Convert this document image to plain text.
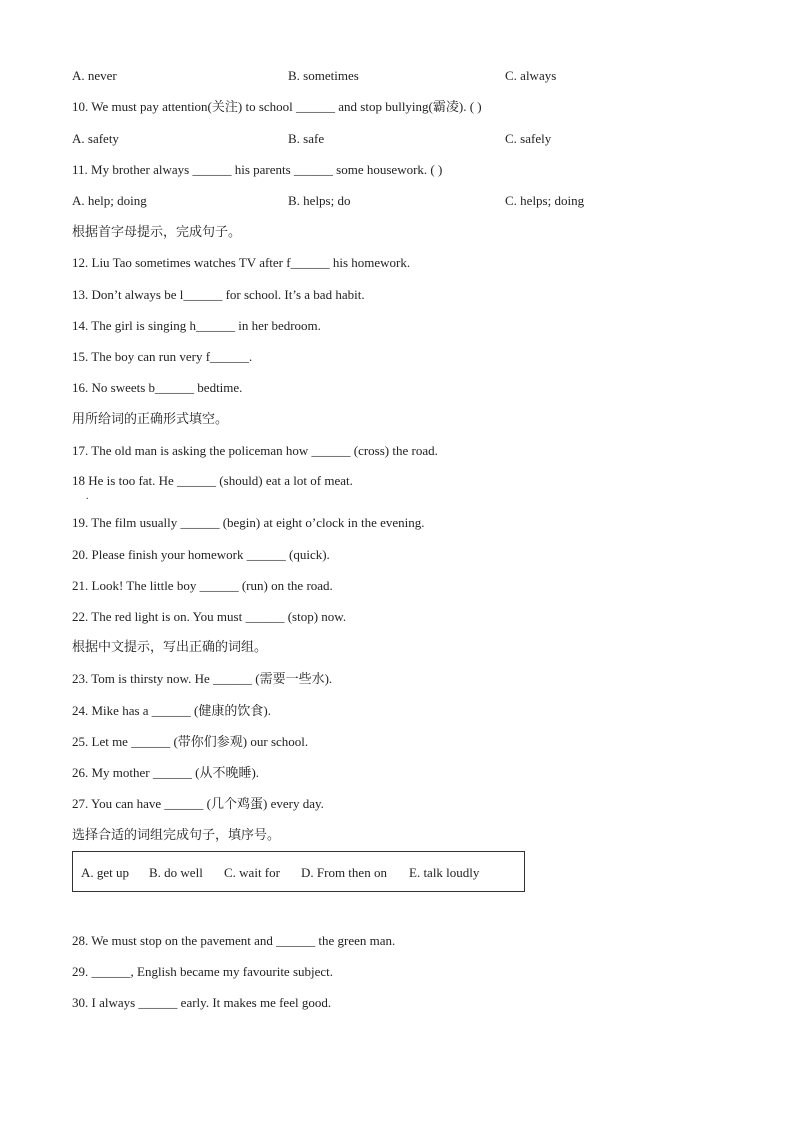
A. never	B. sometimes	C. always
10. We must pay attention(关注) to school ______ and stop bullying(霸凌). ( )
A. safety	B. safe	C. safely
11. My brother always ______ his parents ______ some housework. ( )
A. help; doing	B. helps; do	C. helps; doing
根据首字母提示，完成句子。
12. Liu Tao sometimes watches TV after f______ his homework.
13. Don’t always be l______ for school. It’s a bad habit.
14. The girl is singing h______ in her bedroom.
15. The boy can run very f______.
16. No sweets b______ bedtime.
用所给词的正确形式填空。
17. The old man is asking the policeman how ______ (cross) the road.
18 He is too fat. He ______ (should) eat a lot of meat.
.
19. The film usually ______ (begin) at eight o’clock in the evening.
20. Please finish your homework ______ (quick).
21. Look! The little boy ______ (run) on the road.
22. The red light is on. You must ______ (stop) now.
根据中文提示，写出正确的词组。
23. Tom is thirsty now. He ______ (需要一些水).
24. Mike has a ______ (健康的饮食).
25. Let me ______ (带你们参观) our school.
26. My mother ______ (从不晚睡).
27. You can have ______ (几个鸡蛋) every day.
选择合适的词组完成句子，填序号。
A. get up B. do well C. wait for D. From then on E. talk loudly
28. We must stop on the pavement and ______ the green man.
29. ______, English became my favourite subject.
30. I always ______ early. It makes me feel good.
